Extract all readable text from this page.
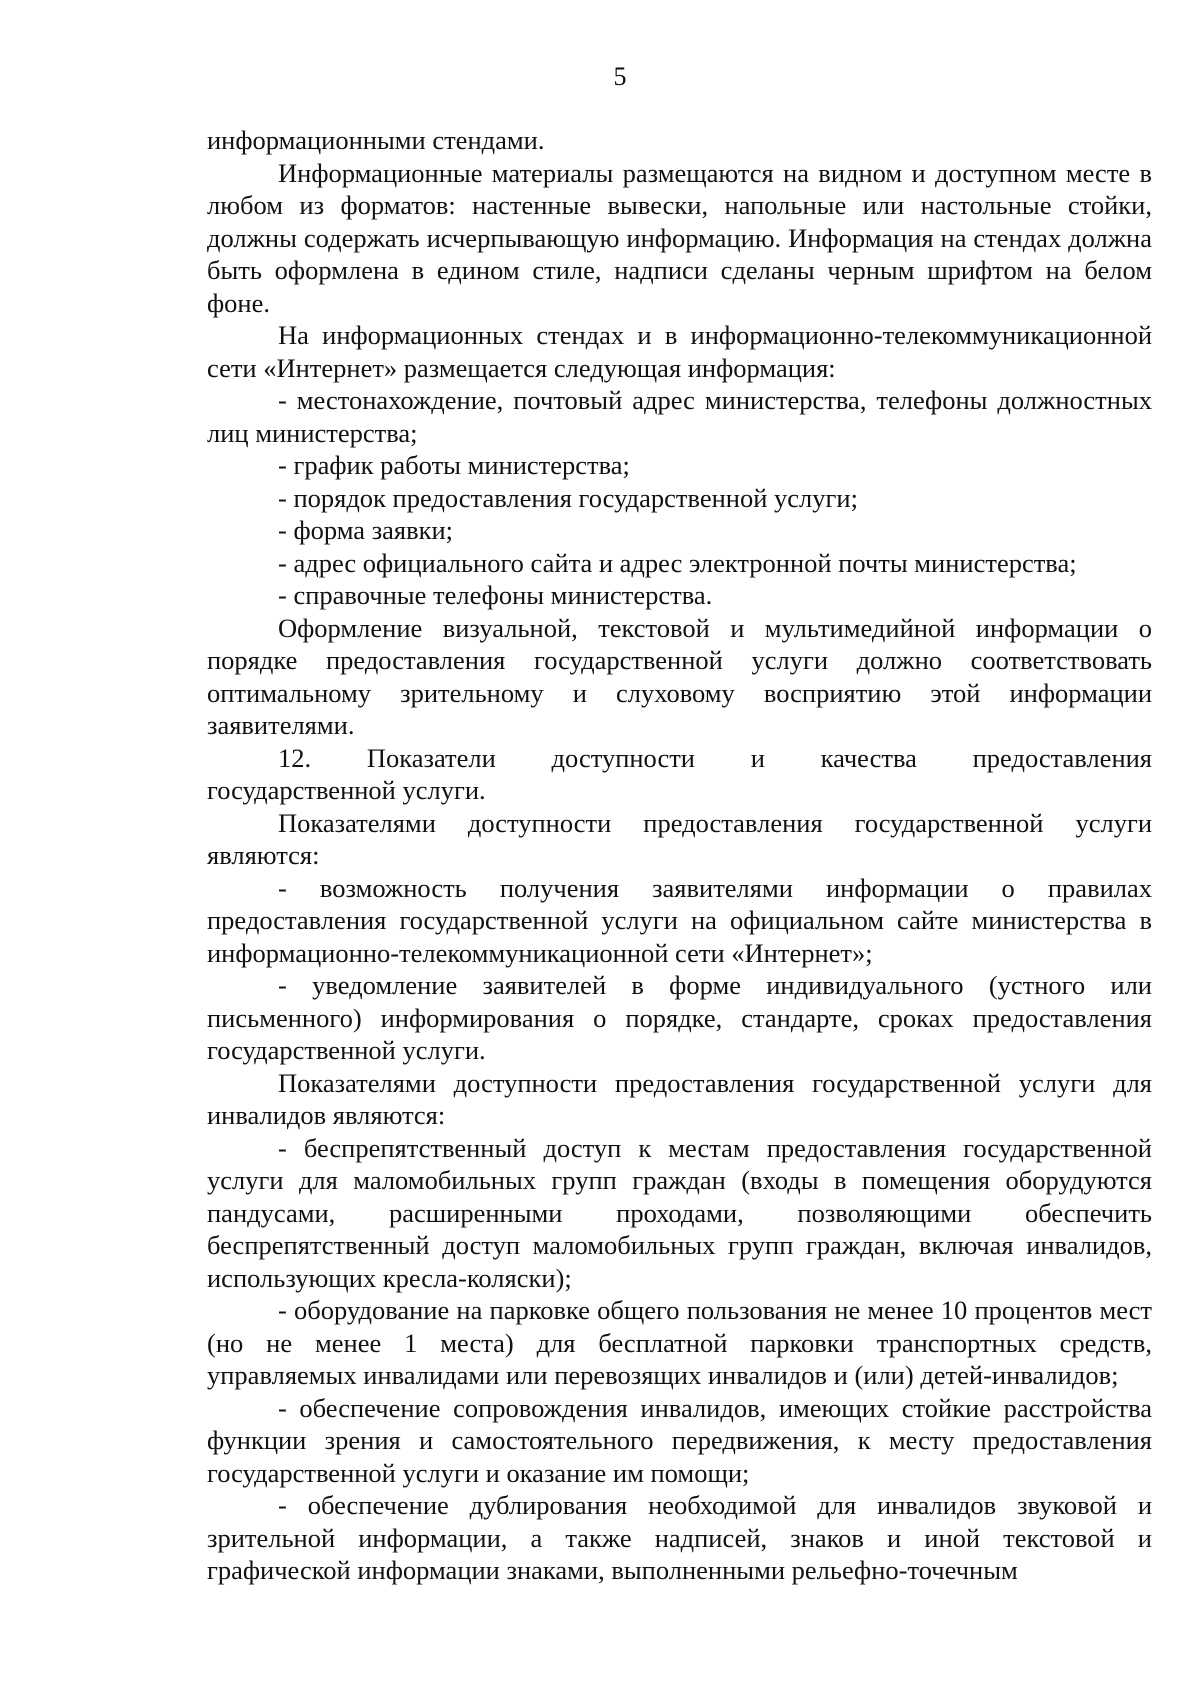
5

информационными стендами.

Информационные материалы размещаются на видном и доступном месте в любом из форматов: настенные вывески, напольные или настольные стойки, должны содержать исчерпывающую информацию. Информация на стендах должна быть оформлена в едином стиле, надписи сделаны черным шрифтом на белом фоне.

На информационных стендах и в информационно-телекоммуникационной сети «Интернет» размещается следующая информация:

- местонахождение, почтовый адрес министерства, телефоны должностных лиц министерства;

- график работы министерства;

- порядок предоставления государственной услуги;

- форма заявки;

- адрес официального сайта и адрес электронной почты министерства;

- справочные телефоны министерства.

Оформление визуальной, текстовой и мультимедийной информации о порядке предоставления государственной услуги должно соответствовать оптимальному зрительному и слуховому восприятию этой информации заявителями.

12. Показатели доступности и качества предоставления

государственной услуги.

Показателями доступности предоставления государственной услуги являются:

- возможность получения заявителями информации о правилах предоставления государственной услуги на официальном сайте министерства в информационно-телекоммуникационной сети «Интернет»;

- уведомление заявителей в форме индивидуального (устного или письменного) информирования о порядке, стандарте, сроках предоставления государственной услуги.

Показателями доступности предоставления государственной услуги для инвалидов являются:

- беспрепятственный доступ к местам предоставления государственной услуги для маломобильных групп граждан (входы в помещения оборудуются пандусами, расширенными проходами, позволяющими обеспечить беспрепятственный доступ маломобильных групп граждан, включая инвалидов, использующих кресла-коляски);

- оборудование на парковке общего пользования не менее 10 процентов мест (но не менее 1 места) для бесплатной парковки транспортных средств, управляемых инвалидами или перевозящих инвалидов и (или) детей-инвалидов;

- обеспечение сопровождения инвалидов, имеющих стойкие расстройства функции зрения и самостоятельного передвижения, к месту предоставления государственной услуги и оказание им помощи;

- обеспечение дублирования необходимой для инвалидов звуковой и зрительной информации, а также надписей, знаков и иной текстовой и графической информации знаками, выполненными рельефно-точечным
